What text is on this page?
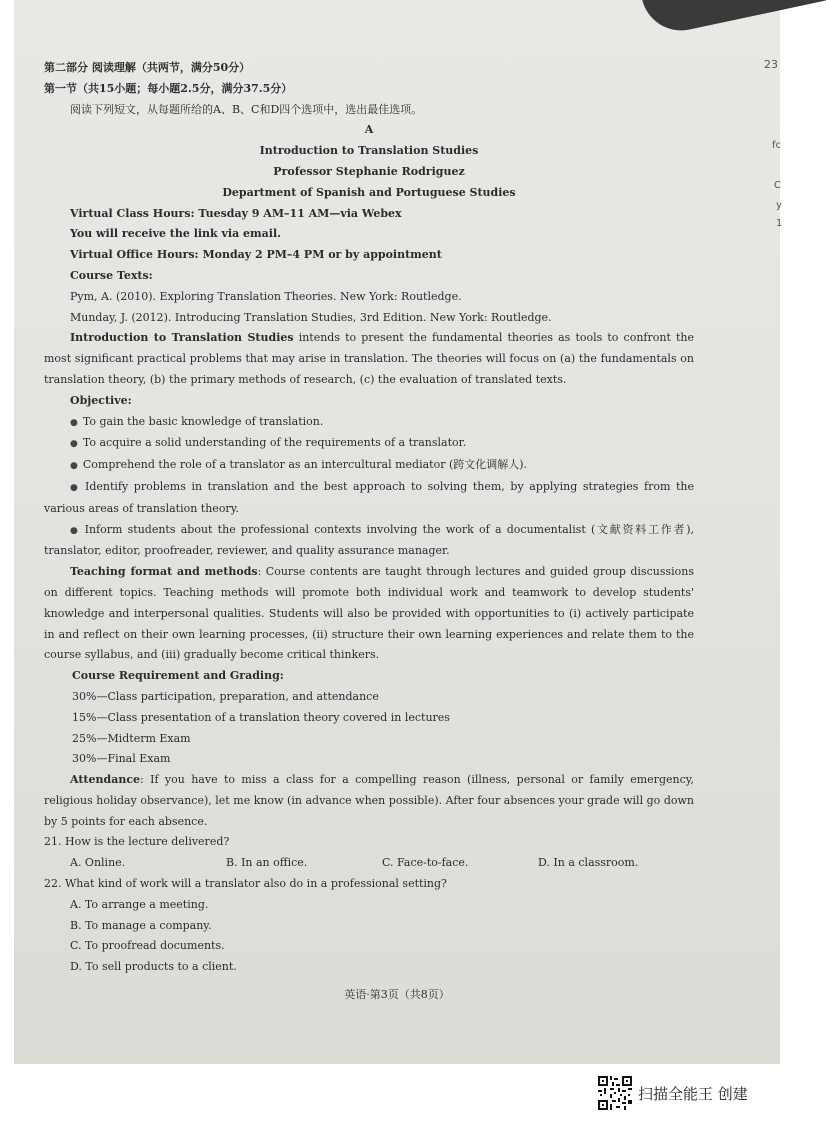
23
fc
C
y
1
第二部分 阅读理解（共两节，满分50分）
第一节（共15小题；每小题2.5分，满分37.5分）
阅读下列短文，从每题所给的A、B、C和D四个选项中，选出最佳选项。
A
Introduction to Translation Studies
Professor Stephanie Rodriguez
Department of Spanish and Portuguese Studies
Virtual Class Hours: Tuesday 9 AM–11 AM—via Webex
You will receive the link via email.
Virtual Office Hours: Monday 2 PM–4 PM or by appointment
Course Texts:
Pym, A. (2010). Exploring Translation Theories. New York: Routledge.
Munday, J. (2012). Introducing Translation Studies, 3rd Edition. New York: Routledge.
Introduction to Translation Studies intends to present the fundamental theories as tools to confront the most significant practical problems that may arise in translation. The theories will focus on (a) the fundamentals on translation theory, (b) the primary methods of research, (c) the evaluation of translated texts.
Objective:
● To gain the basic knowledge of translation.
● To acquire a solid understanding of the requirements of a translator.
● Comprehend the role of a translator as an intercultural mediator (跨文化调解人).
● Identify problems in translation and the best approach to solving them, by applying strategies from the various areas of translation theory.
● Inform students about the professional contexts involving the work of a documentalist (文献资料工作者), translator, editor, proofreader, reviewer, and quality assurance manager.
Teaching format and methods: Course contents are taught through lectures and guided group discussions on different topics. Teaching methods will promote both individual work and teamwork to develop students' knowledge and interpersonal qualities. Students will also be provided with opportunities to (i) actively participate in and reflect on their own learning processes, (ii) structure their own learning experiences and relate them to the course syllabus, and (iii) gradually become critical thinkers.
Course Requirement and Grading:
30%—Class participation, preparation, and attendance
15%—Class presentation of a translation theory covered in lectures
25%—Midterm Exam
30%—Final Exam
Attendance: If you have to miss a class for a compelling reason (illness, personal or family emergency, religious holiday observance), let me know (in advance when possible). After four absences your grade will go down by 5 points for each absence.
21. How is the lecture delivered?
A. Online.	B. In an office.	C. Face-to-face.	D. In a classroom.
22. What kind of work will a translator also do in a professional setting?
A. To arrange a meeting.
B. To manage a company.
C. To proofread documents.
D. To sell products to a client.
英语·第3页（共8页）
扫描全能王 创建
